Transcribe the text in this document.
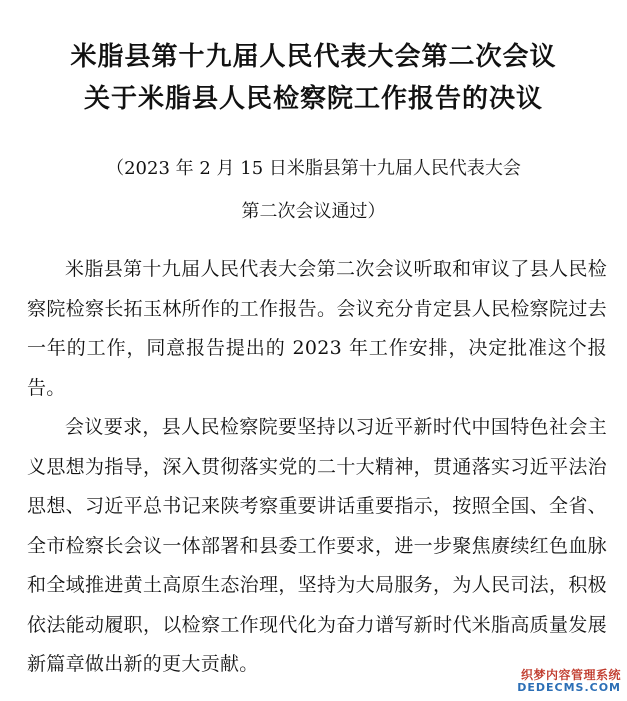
米脂县第十九届人民代表大会第二次会议
关于米脂县人民检察院工作报告的决议
（2023 年 2 月 15 日米脂县第十九届人民代表大会
第二次会议通过）

米脂县第十九届人民代表大会第二次会议听取和审议了县人民检察院检察长拓玉林所作的工作报告。会议充分肯定县人民检察院过去一年的工作，同意报告提出的 2023 年工作安排，决定批准这个报告。

会议要求，县人民检察院要坚持以习近平新时代中国特色社会主义思想为指导，深入贯彻落实党的二十大精神，贯通落实习近平法治思想、习近平总书记来陕考察重要讲话重要指示，按照全国、全省、全市检察长会议一体部署和县委工作要求，进一步聚焦赓续红色血脉和全域推进黄土高原生态治理，坚持为大局服务，为人民司法，积极依法能动履职，以检察工作现代化为奋力谱写新时代米脂高质量发展新篇章做出新的更大贡献。	织梦内容管理系统
DEDECMS.COM
